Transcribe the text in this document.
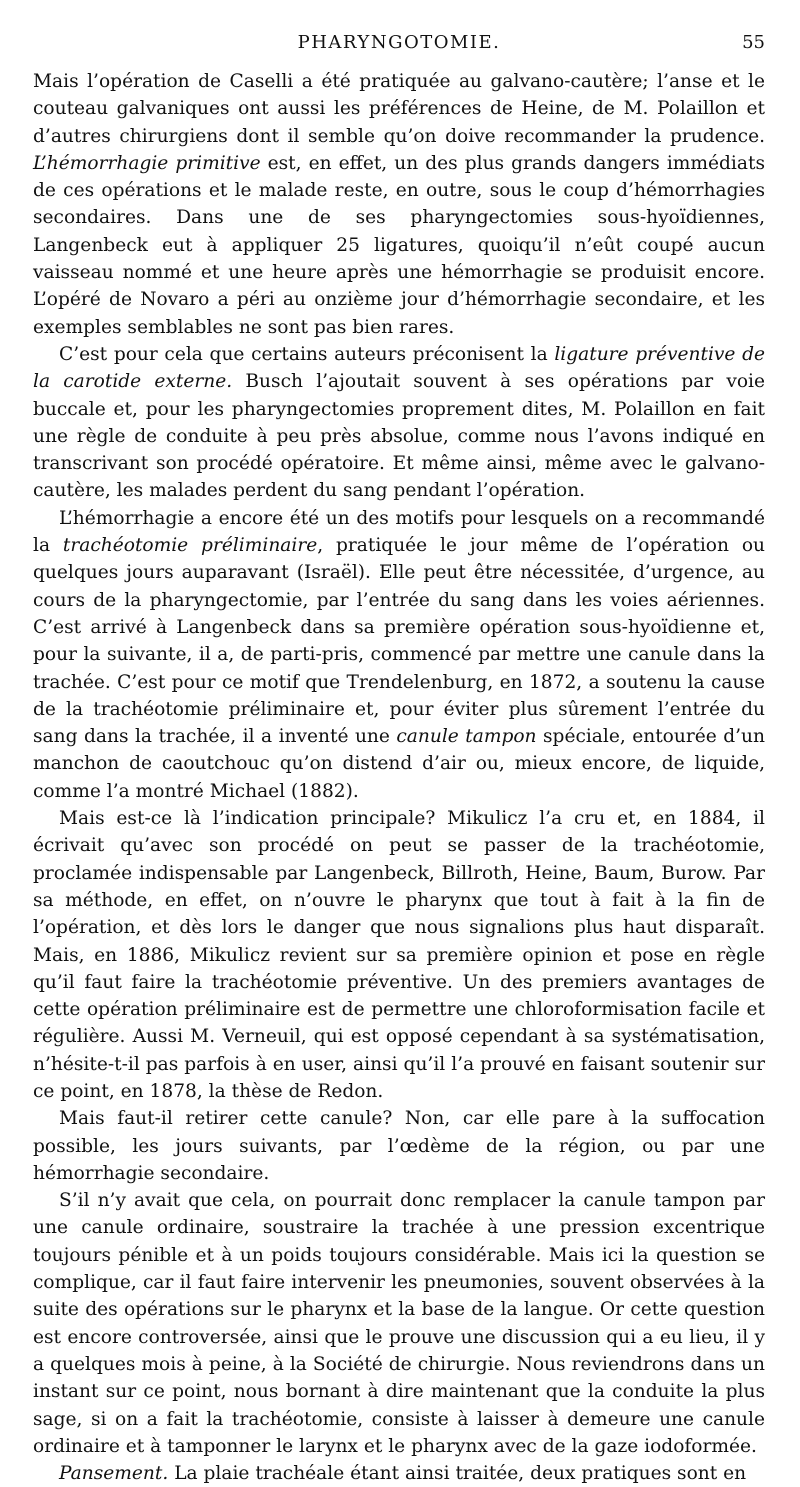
PHARYNGOTOMIE.	55

Mais l’opération de Caselli a été pratiquée au galvano-cautère; l’anse et le couteau galvaniques ont aussi les préférences de Heine, de M. Polaillon et d’autres chirurgiens dont il semble qu’on doive recommander la prudence. L’hémorrhagie primitive est, en effet, un des plus grands dangers immédiats de ces opérations et le malade reste, en outre, sous le coup d’hémorrhagies secondaires. Dans une de ses pharyngectomies sous-hyoïdiennes, Langenbeck eut à appliquer 25 ligatures, quoiqu’il n’eût coupé aucun vaisseau nommé et une heure après une hémorrhagie se produisit encore. L’opéré de Novaro a péri au onzième jour d’hémorrhagie secondaire, et les exemples semblables ne sont pas bien rares.

C’est pour cela que certains auteurs préconisent la ligature préventive de la carotide externe. Busch l’ajoutait souvent à ses opérations par voie buccale et, pour les pharyngectomies proprement dites, M. Polaillon en fait une règle de conduite à peu près absolue, comme nous l’avons indiqué en transcrivant son procédé opératoire. Et même ainsi, même avec le galvano-cautère, les malades perdent du sang pendant l’opération.

L’hémorrhagie a encore été un des motifs pour lesquels on a recommandé la trachéotomie préliminaire, pratiquée le jour même de l’opération ou quelques jours auparavant (Israël). Elle peut être nécessitée, d’urgence, au cours de la pharyngectomie, par l’entrée du sang dans les voies aériennes. C’est arrivé à Langenbeck dans sa première opération sous-hyoïdienne et, pour la suivante, il a, de parti-pris, commencé par mettre une canule dans la trachée. C’est pour ce motif que Trendelenburg, en 1872, a soutenu la cause de la trachéotomie préliminaire et, pour éviter plus sûrement l’entrée du sang dans la trachée, il a inventé une canule tampon spéciale, entourée d’un manchon de caoutchouc qu’on distend d’air ou, mieux encore, de liquide, comme l’a montré Michael (1882).

Mais est-ce là l’indication principale? Mikulicz l’a cru et, en 1884, il écrivait qu’avec son procédé on peut se passer de la trachéotomie, proclamée indispensable par Langenbeck, Billroth, Heine, Baum, Burow. Par sa méthode, en effet, on n’ouvre le pharynx que tout à fait à la fin de l’opération, et dès lors le danger que nous signalions plus haut disparaît. Mais, en 1886, Mikulicz revient sur sa première opinion et pose en règle qu’il faut faire la trachéotomie préventive. Un des premiers avantages de cette opération préliminaire est de permettre une chloroformisation facile et régulière. Aussi M. Verneuil, qui est opposé cependant à sa systématisation, n’hésite-t-il pas parfois à en user, ainsi qu’il l’a prouvé en faisant soutenir sur ce point, en 1878, la thèse de Redon.

Mais faut-il retirer cette canule? Non, car elle pare à la suffocation possible, les jours suivants, par l’œdème de la région, ou par une hémorrhagie secondaire.

S’il n’y avait que cela, on pourrait donc remplacer la canule tampon par une canule ordinaire, soustraire la trachée à une pression excentrique toujours pénible et à un poids toujours considérable. Mais ici la question se complique, car il faut faire intervenir les pneumonies, souvent observées à la suite des opérations sur le pharynx et la base de la langue. Or cette question est encore controversée, ainsi que le prouve une discussion qui a eu lieu, il y a quelques mois à peine, à la Société de chirurgie. Nous reviendrons dans un instant sur ce point, nous bornant à dire maintenant que la conduite la plus sage, si on a fait la trachéotomie, consiste à laisser à demeure une canule ordinaire et à tamponner le larynx et le pharynx avec de la gaze iodoformée.

Pansement. La plaie trachéale étant ainsi traitée, deux pratiques sont en
